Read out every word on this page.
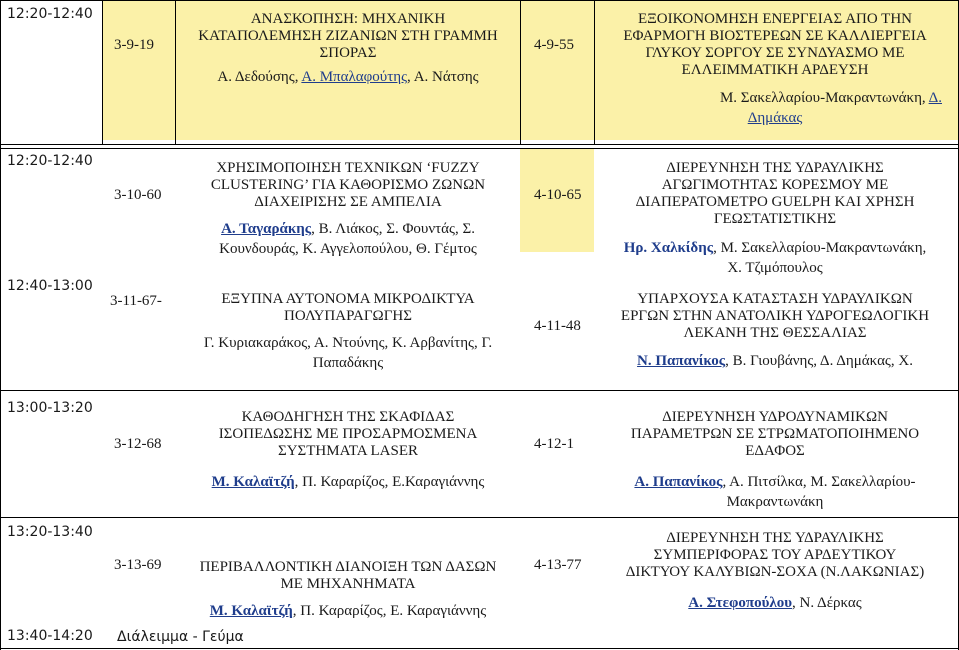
12:20-12:40
3-9-19
ΑΝΑΣΚΟΠΗΣΗ: ΜΗΧΑΝΙΚΗ
ΚΑΤΑΠΟΛΕΜΗΣΗ ΖΙΖΑΝΙΩΝ ΣΤΗ ΓΡΑΜΜΗ
ΣΠΟΡΑΣ
Α. Δεδούσης, Α. Μπαλαφούτης, Α. Νάτσης
4-9-55
ΕΞΟΙΚΟΝΟΜΗΣΗ ΕΝΕΡΓΕΙΑΣ ΑΠΟ ΤΗΝ
ΕΦΑΡΜΟΓΗ ΒΙΟΣΤΕΡΕΩΝ ΣΕ ΚΑΛΛΙΕΡΓΕΙΑ
ΓΛΥΚΟΥ ΣΟΡΓΟΥ ΣΕ ΣΥΝΔΥΑΣΜΟ ΜΕ
ΕΛΛΕΙΜΜΑΤΙΚΗ ΑΡΔΕΥΣΗ
Μ. Σακελλαρίου-Μακραντωνάκη, Δ.
Δημάκας
12:20-12:40
3-10-60
ΧΡΗΣΙΜΟΠΟΙΗΣΗ ΤΕΧΝΙΚΩΝ ‘FUZZY
CLUSTERING’ ΓΙΑ ΚΑΘΟΡΙΣΜΟ ΖΩΝΩΝ
ΔΙΑΧΕΙΡΙΣΗΣ ΣΕ ΑΜΠΕΛΙΑ
Α. Ταγαράκης, Β. Λιάκος, Σ. Φουντάς, Σ.
Κουνδουράς, Κ. Αγγελοπούλου, Θ. Γέμτος
4-10-65
ΔΙΕΡΕΥΝΗΣΗ ΤΗΣ ΥΔΡΑΥΛΙΚΗΣ
ΑΓΩΓΙΜΟΤΗΤΑΣ ΚΟΡΕΣΜΟΥ ΜΕ
ΔΙΑΠΕΡΑΤΟΜΕΤΡΟ GUELPH ΚΑΙ ΧΡΗΣΗ
ΓΕΩΣΤΑΤΙΣΤΙΚΗΣ
Ηρ. Χαλκίδης, Μ. Σακελλαρίου-Μακραντωνάκη,
Χ. Τζιμόπουλος
12:40-13:00
3-11-67-	ΕΞΥΠΝΑ ΑΥΤΟΝΟΜΑ ΜΙΚΡΟΔΙΚΤΥΑ
ΠΟΛΥΠΑΡΑΓΩΓΗΣ
Γ. Κυριακαράκος, Α. Ντούνης, Κ. Αρβανίτης, Γ.
Παπαδάκης
4-11-48
ΥΠΑΡΧΟΥΣΑ ΚΑΤΑΣΤΑΣΗ ΥΔΡΑΥΛΙΚΩΝ
ΕΡΓΩΝ ΣΤΗΝ ΑΝΑΤΟΛΙΚΗ ΥΔΡΟΓΕΩΛΟΓΙΚΗ
ΛΕΚΑΝΗ ΤΗΣ ΘΕΣΣΑΛΙΑΣ
Ν. Παπανίκος, Β. Γιουβάνης, Δ. Δημάκας, Χ.
13:00-13:20
3-12-68
ΚΑΘΟΔΗΓΗΣΗ ΤΗΣ ΣΚΑΦΙΔΑΣ
ΙΣΟΠΕΔΩΣΗΣ ΜΕ ΠΡΟΣΑΡΜΟΣΜΕΝΑ
ΣΥΣΤΗΜΑΤΑ LASER
Μ. Καλαϊτζή, Π. Καραρίζος, Ε.Καραγιάννης
4-12-1
ΔΙΕΡΕΥΝΗΣΗ ΥΔΡΟΔΥΝΑΜΙΚΩΝ
ΠΑΡΑΜΕΤΡΩΝ ΣΕ ΣΤΡΩΜΑΤΟΠΟΙΗΜΕΝΟ
ΕΔΑΦΟΣ
Α. Παπανίκος, Α. Πιτσίλκα, Μ. Σακελλαρίου-
Μακραντωνάκη
13:20-13:40
3-13-69	ΠΕΡΙΒΑΛΛΟΝΤΙΚΗ ΔΙΑΝΟΙΞΗ ΤΩΝ ΔΑΣΩΝ
ΜΕ ΜΗΧΑΝΗΜΑΤΑ
Μ. Καλαϊτζή, Π. Καραρίζος, Ε. Καραγιάννης
4-13-77
ΔΙΕΡΕΥΝΗΣΗ ΤΗΣ ΥΔΡΑΥΛΙΚΗΣ
ΣΥΜΠΕΡΙΦΟΡΑΣ ΤΟΥ ΑΡΔΕΥΤΙΚΟΥ
ΔΙΚΤΥΟΥ ΚΑΛΥΒΙΩΝ-ΣΟΧΑ (Ν.ΛΑΚΩΝΙΑΣ)
Α. Στεφοπούλου, Ν. Δέρκας
13:40-14:20 Διάλειμμα - Γεύμα
